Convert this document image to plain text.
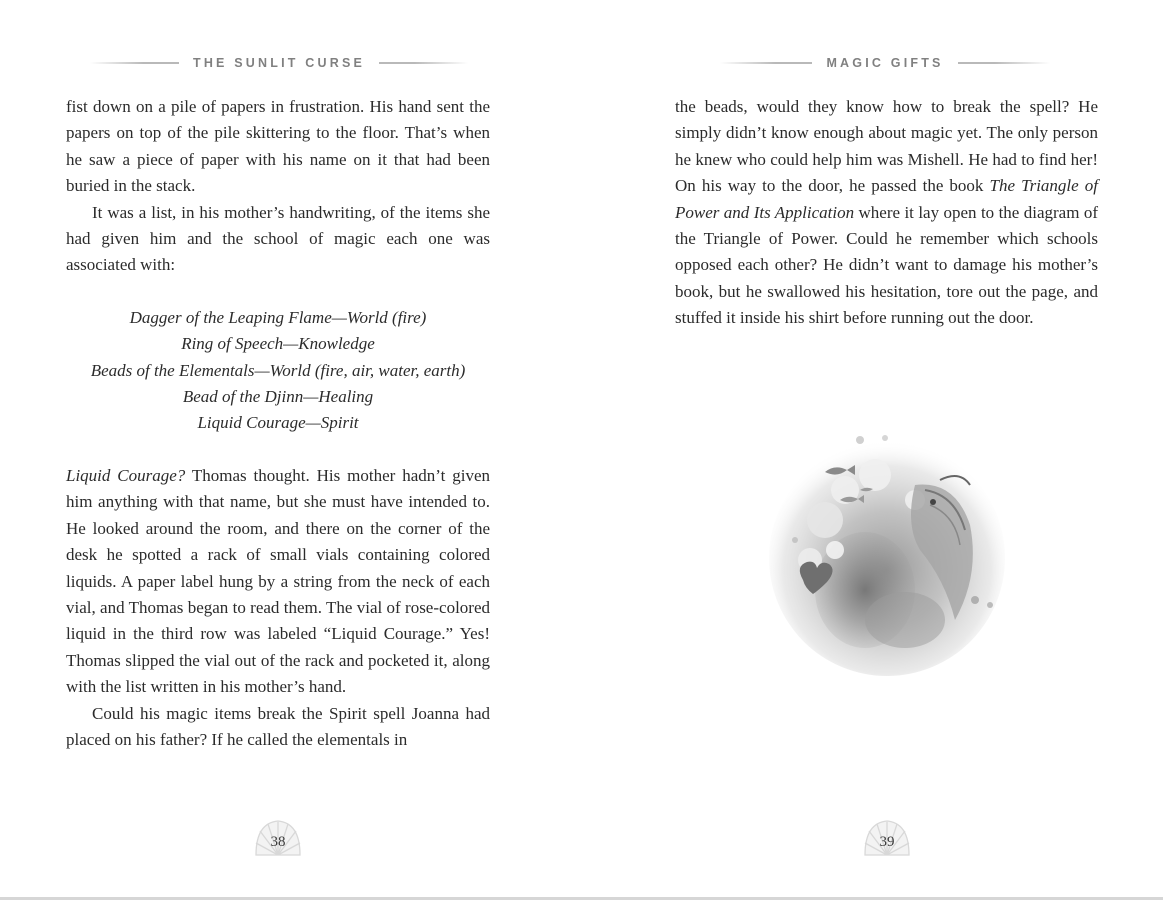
THE SUNLIT CURSE

fist down on a pile of papers in frustration. His hand sent the papers on top of the pile skittering to the floor. That’s when he saw a piece of paper with his name on it that had been buried in the stack.

It was a list, in his mother’s handwriting, of the items she had given him and the school of magic each one was associated with:

Dagger of the Leaping Flame—World (fire)
Ring of Speech—Knowledge
Beads of the Elementals—World (fire, air, water, earth)
Bead of the Djinn—Healing
Liquid Courage—Spirit

Liquid Courage? Thomas thought. His mother hadn’t given him anything with that name, but she must have intended to. He looked around the room, and there on the corner of the desk he spotted a rack of small vials containing colored liquids. A paper label hung by a string from the neck of each vial, and Thomas began to read them. The vial of rose-colored liquid in the third row was labeled “Liquid Courage.” Yes! Thomas slipped the vial out of the rack and pocketed it, along with the list written in his mother’s hand.

Could his magic items break the Spirit spell Joanna had placed on his father? If he called the elementals in

38
MAGIC GIFTS

the beads, would they know how to break the spell? He simply didn’t know enough about magic yet. The only person he knew who could help him was Mishell. He had to find her! On his way to the door, he passed the book The Triangle of Power and Its Application where it lay open to the diagram of the Triangle of Power. Could he remember which schools opposed each other? He didn’t want to damage his mother’s book, but he swallowed his hesitation, tore out the page, and stuffed it inside his shirt before running out the door.

39
